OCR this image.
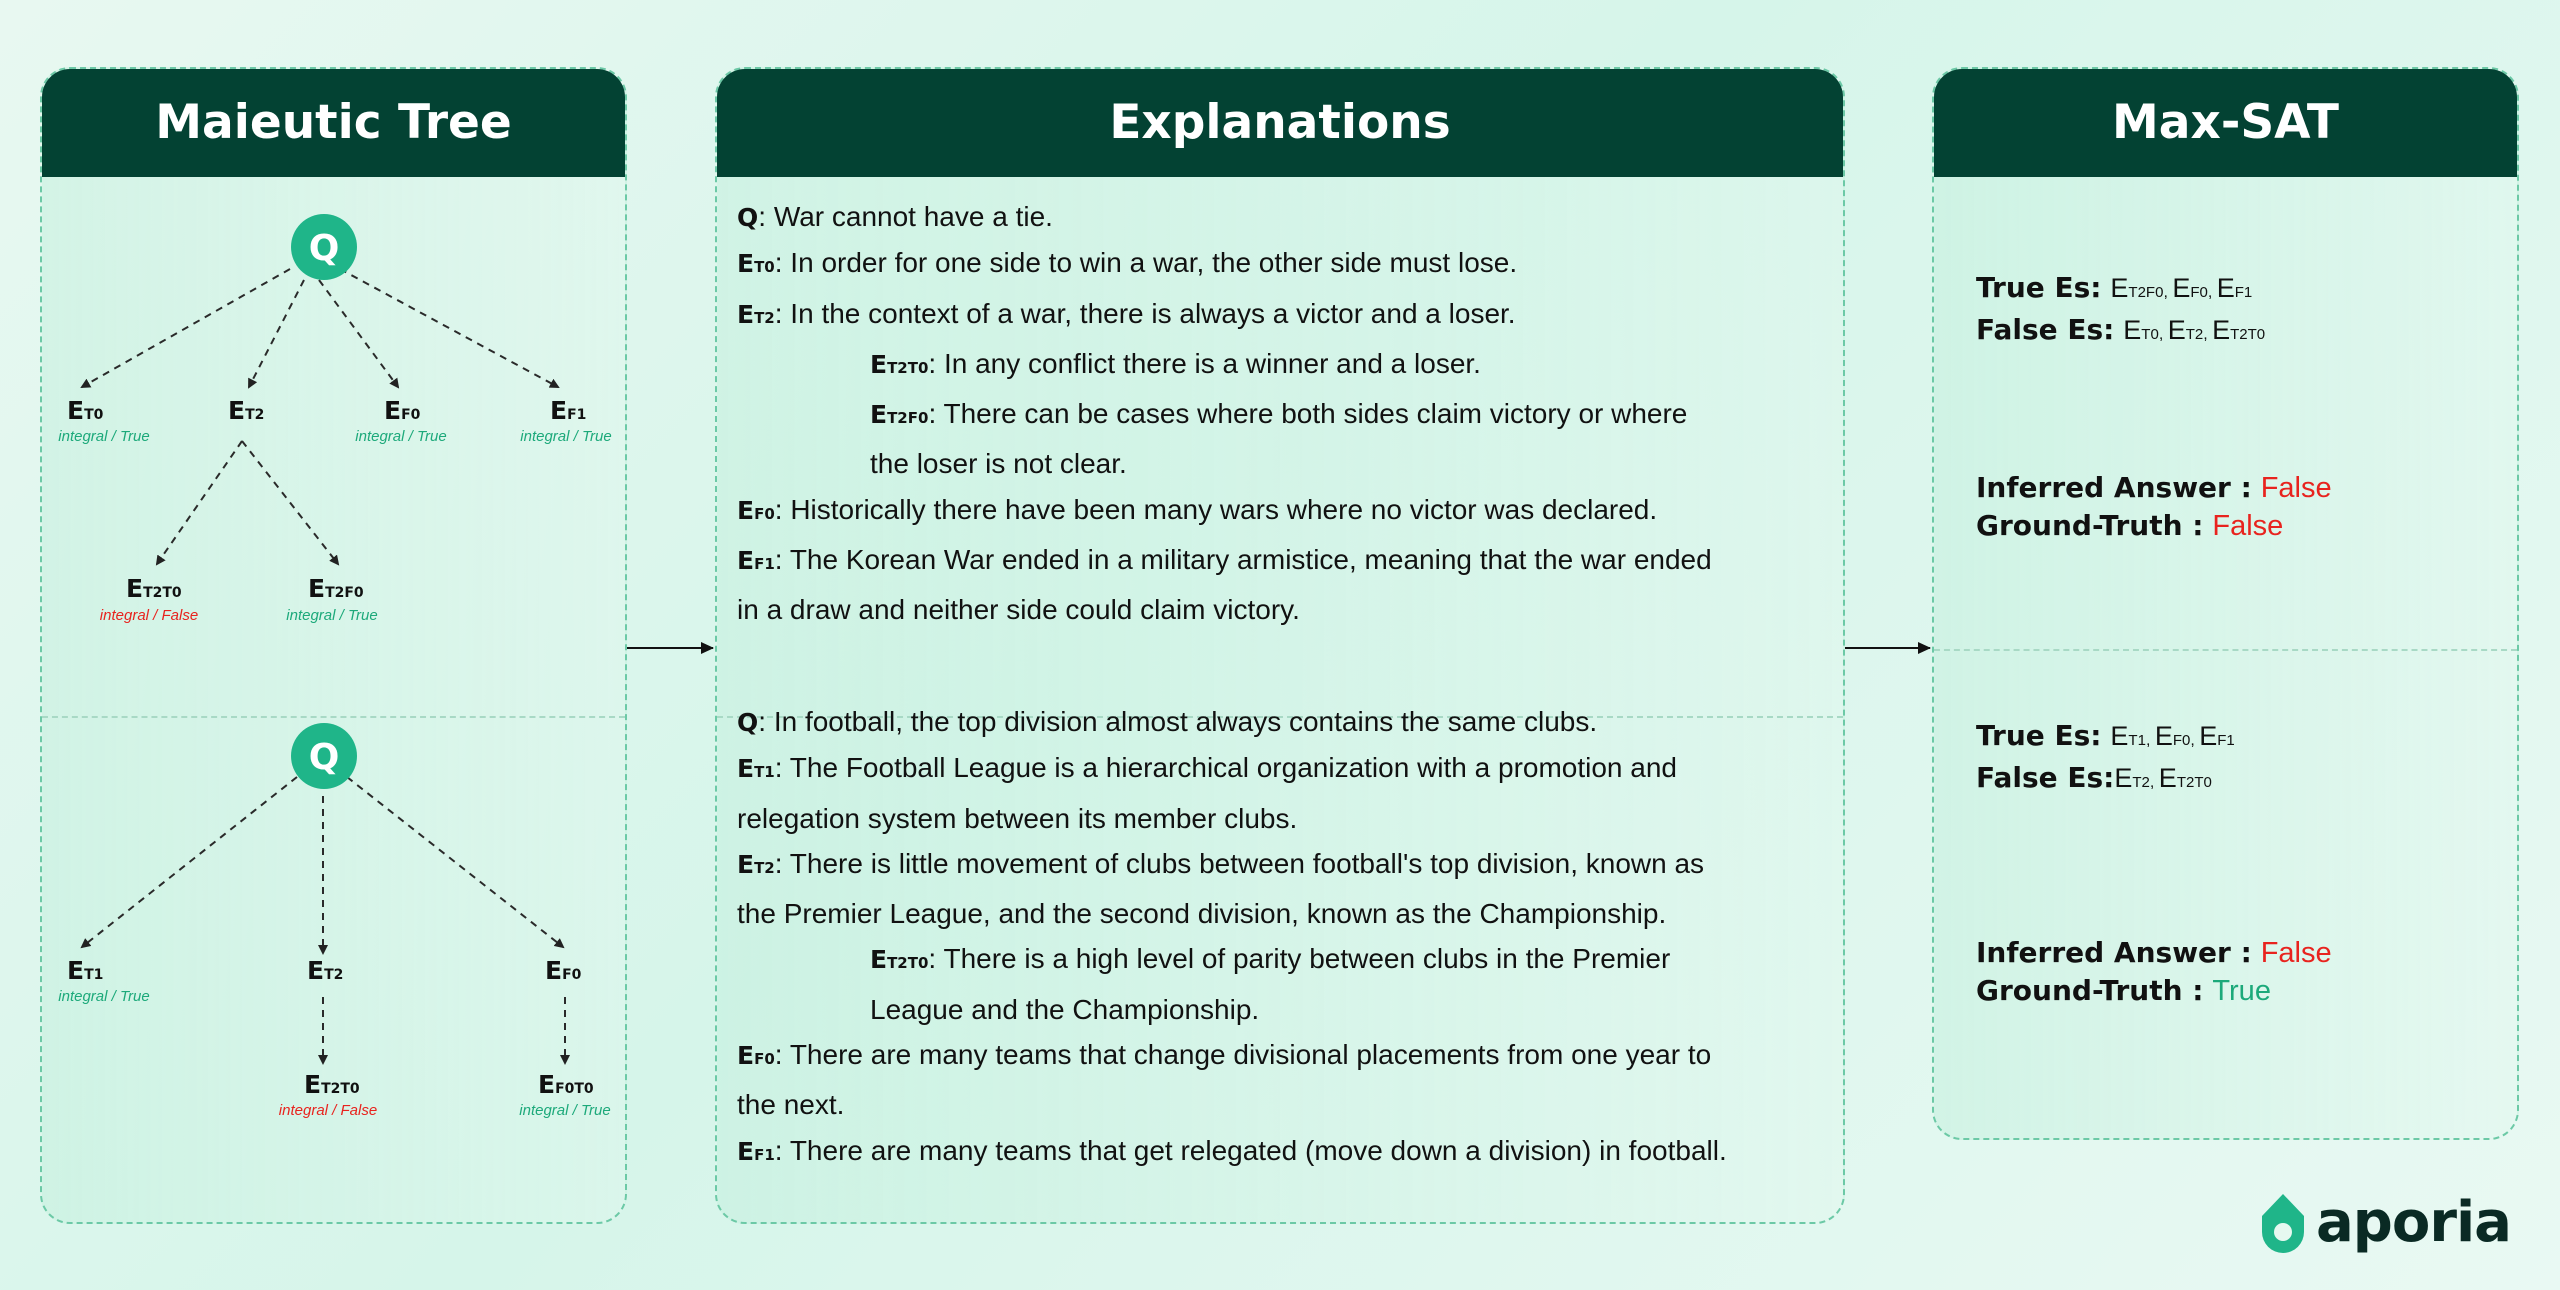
Maieutic Tree
Q
Q
ET0	ET2	EF0	EF1
ET2T0	ET2F0
ET1	ET2	EF0
ET2T0	EF0T0
integral / True	integral / True	integral / True
integral / False	integral / True
integral / True
integral / False	integral / True
Explanations
Q: War cannot have a tie.
ET0: In order for one side to win a war, the other side must lose.
ET2: In the context of a war, there is always a victor and a loser.
ET2T0: In any conflict there is a winner and a loser.
ET2F0: There can be cases where both sides claim victory or where
the loser is not clear.
EF0: Historically there have been many wars where no victor was declared.
EF1: The Korean War ended in a military armistice, meaning that the war ended
in a draw and neither side could claim victory.
Q: In football, the top division almost always contains the same clubs.
ET1: The Football League is a hierarchical organization with a promotion and
relegation system between its member clubs.
ET2: There is little movement of clubs between football's top division, known as
the Premier League, and the second division, known as the Championship.
ET2T0: There is a high level of parity between clubs in the Premier
League and the Championship.
EF0: There are many teams that change divisional placements from one year to
the next.
EF1: There are many teams that get relegated (move down a division) in football.
Max-SAT
True Es: ET2F0, EF0, EF1
False Es: ET0, ET2, ET2T0
Inferred Answer : False
Ground-Truth : False
True Es: ET1, EF0, EF1
False Es:ET2, ET2T0
Inferred Answer : False
Ground-Truth : True
aporia
